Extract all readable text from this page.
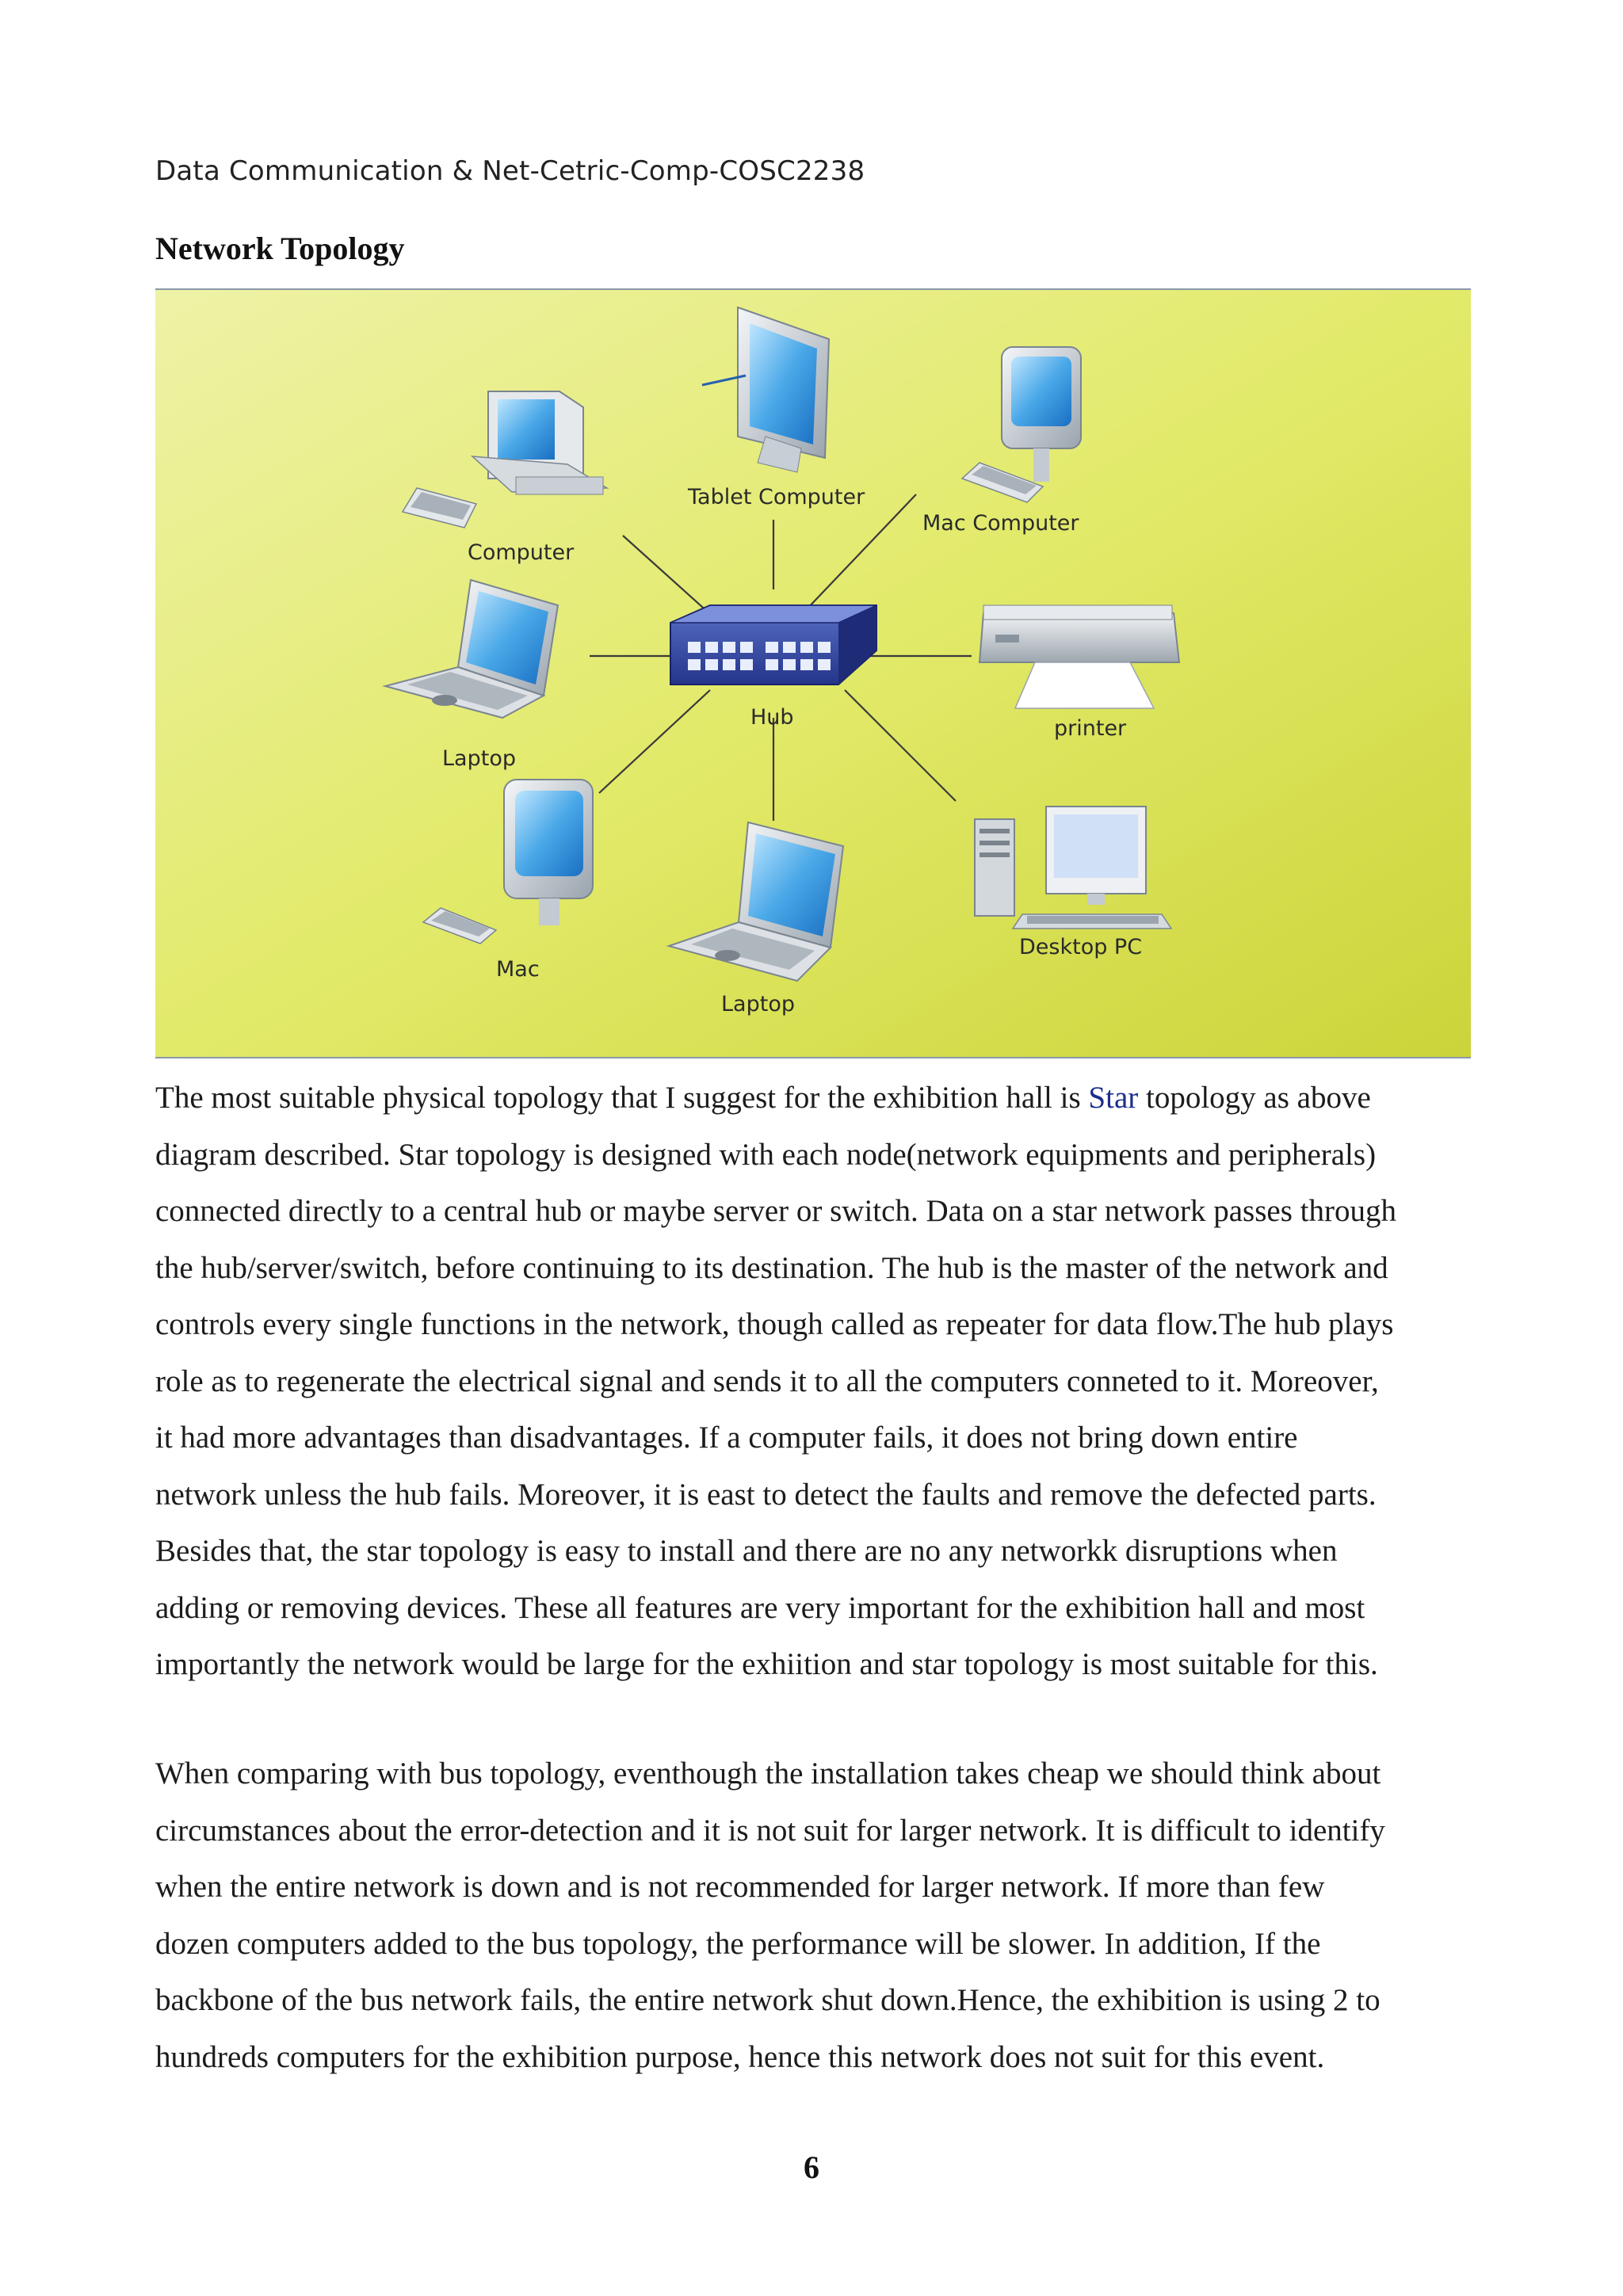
Data Communication & Net-Cetric-Comp-COSC2238
Network Topology
Hub
Tablet Computer
Mac Computer
Computer
printer
Laptop
Desktop PC
Mac
Laptop

The most suitable physical topology that I suggest for the exhibition hall is Star topology as above
diagram described. Star topology is designed with each node(network equipments and peripherals)
connected directly to a central hub or maybe server or switch. Data on a star network passes through
the hub/server/switch, before continuing to its destination. The hub is the master of the network and
controls every single functions in the network, though called as repeater for data flow.The hub plays
role as to regenerate the electrical signal and sends it to all the computers conneted to it. Moreover,
it had more advantages than disadvantages. If a computer fails, it does not bring down entire
network unless the hub fails. Moreover, it is east to detect the faults and remove the defected parts.
Besides that, the star topology is easy to install and there are no any networkk disruptions when
adding or removing devices. These all features are very important for the exhibition hall and most
importantly the network would be large for the exhiition and star topology is most suitable for this.

When comparing with bus topology, eventhough the installation takes cheap we should think about
circumstances about the error-detection and it is not suit for larger network. It is difficult to identify
when the entire network is down and is not recommended for larger network. If more than few
dozen computers added to the bus topology, the performance will be slower. In addition, If the
backbone of the bus network fails, the entire network shut down.Hence, the exhibition is using 2 to
hundreds computers for the exhibition purpose, hence this network does not suit for this event.

6
